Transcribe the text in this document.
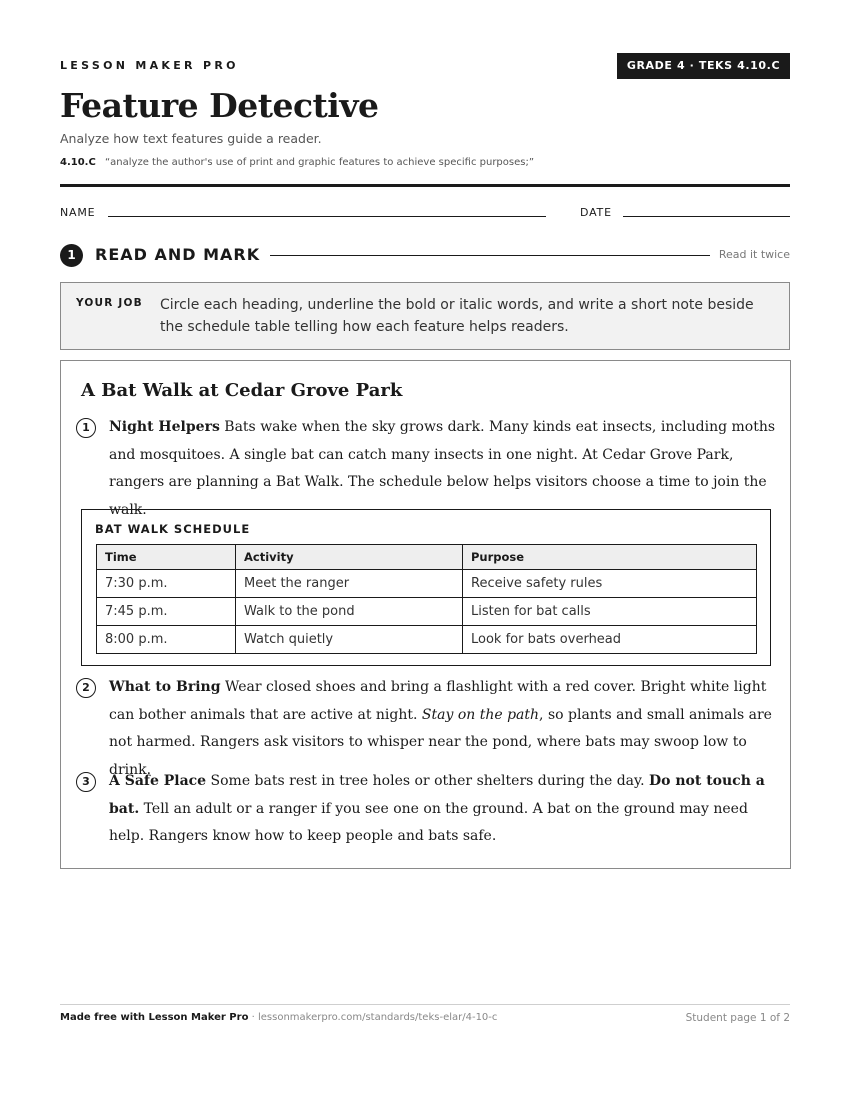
LESSON MAKER PRO	GRADE 4 · TEKS 4.10.C
Feature Detective
Analyze how text features guide a reader.
4.10.C “analyze the author's use of print and graphic features to achieve specific purposes;”
NAME	DATE
1	READ AND MARK	Read it twice
YOUR JOB Circle each heading, underline the bold or italic words, and write a short note beside the schedule table telling how each feature helps readers.
A Bat Walk at Cedar Grove Park
1	Night Helpers Bats wake when the sky grows dark. Many kinds eat insects, including moths and mosquitoes. A single bat can catch many insects in one night. At Cedar Grove Park, rangers are planning a Bat Walk. The schedule below helps visitors choose a time to join the walk.

BAT WALK SCHEDULE
Time	Activity	Purpose
7:30 p.m.	Meet the ranger	Receive safety rules
7:45 p.m.	Walk to the pond	Listen for bat calls
8:00 p.m.	Watch quietly	Look for bats overhead
2	What to Bring Wear closed shoes and bring a flashlight with a red cover. Bright white light can bother animals that are active at night. Stay on the path, so plants and small animals are not harmed. Rangers ask visitors to whisper near the pond, where bats may swoop low to drink.

3	A Safe Place Some bats rest in tree holes or other shelters during the day. Do not touch a bat. Tell an adult or a ranger if you see one on the ground. A bat on the ground may need help. Rangers know how to keep people and bats safe.

Made free with Lesson Maker Pro · lessonmakerpro.com/standards/teks-elar/4-10-c	Student page 1 of 2
